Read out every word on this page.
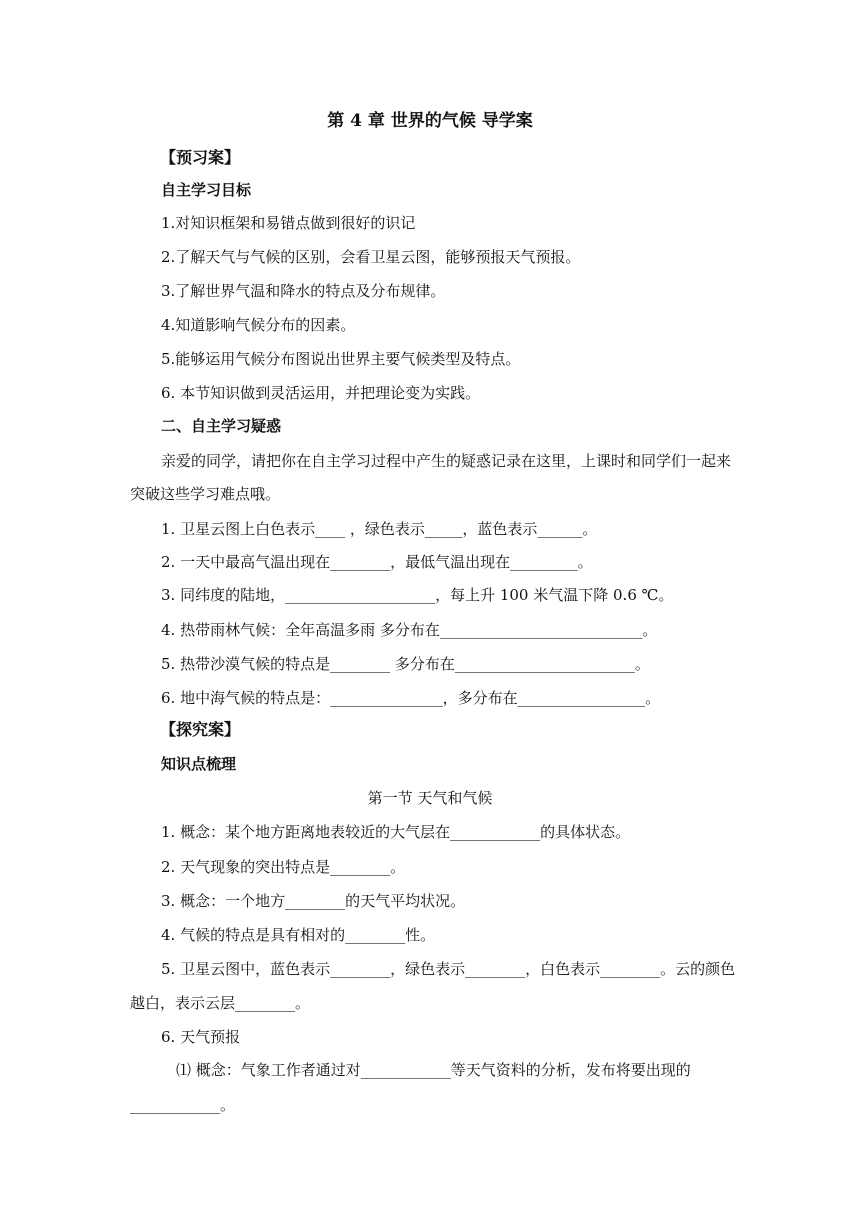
第 4 章 世界的气候 导学案
【预习案】
自主学习目标
1.对知识框架和易错点做到很好的识记
2.了解天气与气候的区别，会看卫星云图，能够预报天气预报。
3.了解世界气温和降水的特点及分布规律。
4.知道影响气候分布的因素。
5.能够运用气候分布图说出世界主要气候类型及特点。
6. 本节知识做到灵活运用，并把理论变为实践。
二、自主学习疑惑
亲爱的同学，请把你在自主学习过程中产生的疑惑记录在这里，上课时和同学们一起来
突破这些学习难点哦。
1. 卫星云图上白色表示____ ，绿色表示_____，蓝色表示______。
2. 一天中最高气温出现在________，最低气温出现在_________。
3. 同纬度的陆地，____________________，每上升 100 米气温下降 0.6 ℃。
4. 热带雨林气候：全年高温多雨 多分布在___________________________。
5. 热带沙漠气候的特点是________ 多分布在________________________。
6. 地中海气候的特点是：_______________，多分布在_________________。
【探究案】
知识点梳理
第一节 天气和气候
1. 概念：某个地方距离地表较近的大气层在____________的具体状态。
2. 天气现象的突出特点是________。
3. 概念：一个地方________的天气平均状况。
4. 气候的特点是具有相对的________性。
5. 卫星云图中，蓝色表示________，绿色表示________，白色表示________。云的颜色
越白，表示云层________。
6. 天气预报
⑴ 概念：气象工作者通过对____________等天气资料的分析，发布将要出现的
____________。
